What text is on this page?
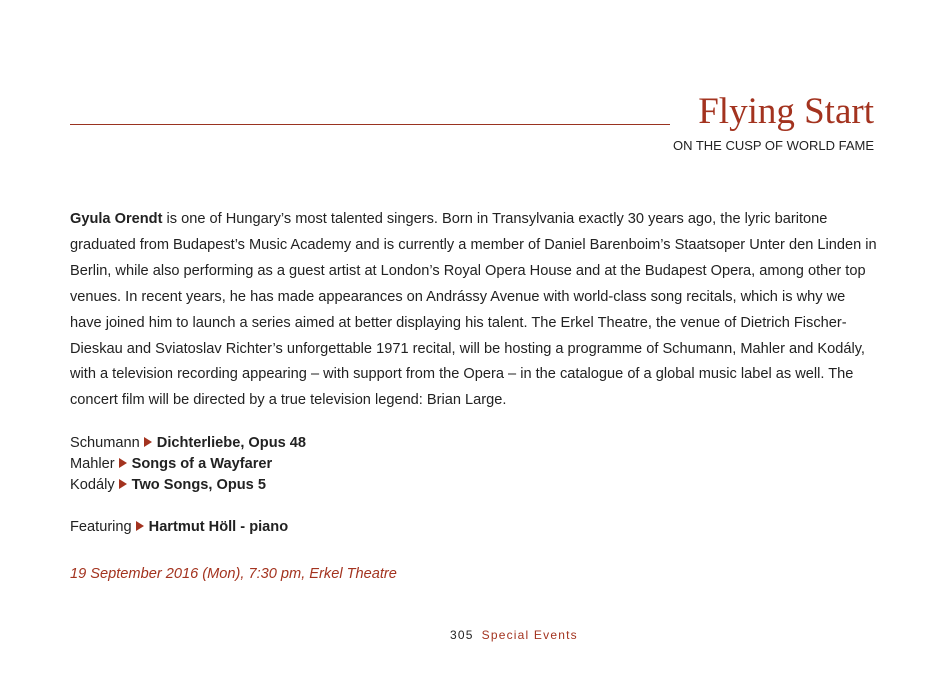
Flying Start
ON THE CUSP OF WORLD FAME
Gyula Orendt is one of Hungary’s most talented singers. Born in Transylvania exactly 30 years ago, the lyric baritone graduated from Budapest’s Music Academy and is currently a member of Daniel Barenboim’s Staatsoper Unter den Linden in Berlin, while also performing as a guest artist at London’s Royal Opera House and at the Budapest Opera, among other top venues. In recent years, he has made appearances on Andrássy Avenue with world-class song recitals, which is why we have joined him to launch a series aimed at better displaying his talent. The Erkel Theatre, the venue of Dietrich Fischer-Dieskau and Sviatoslav Richter’s unforgettable 1971 recital, will be hosting a programme of Schumann, Mahler and Kodály, with a television recording appearing – with support from the Opera – in the catalogue of a global music label as well. The concert film will be directed by a true television legend: Brian Large.
Schumann Dichterliebe, Opus 48
Mahler Songs of a Wayfarer
Kodály Two Songs, Opus 5
Featuring Hartmut Höll - piano
19 September 2016 (Mon), 7:30 pm, Erkel Theatre
305 Special Events
